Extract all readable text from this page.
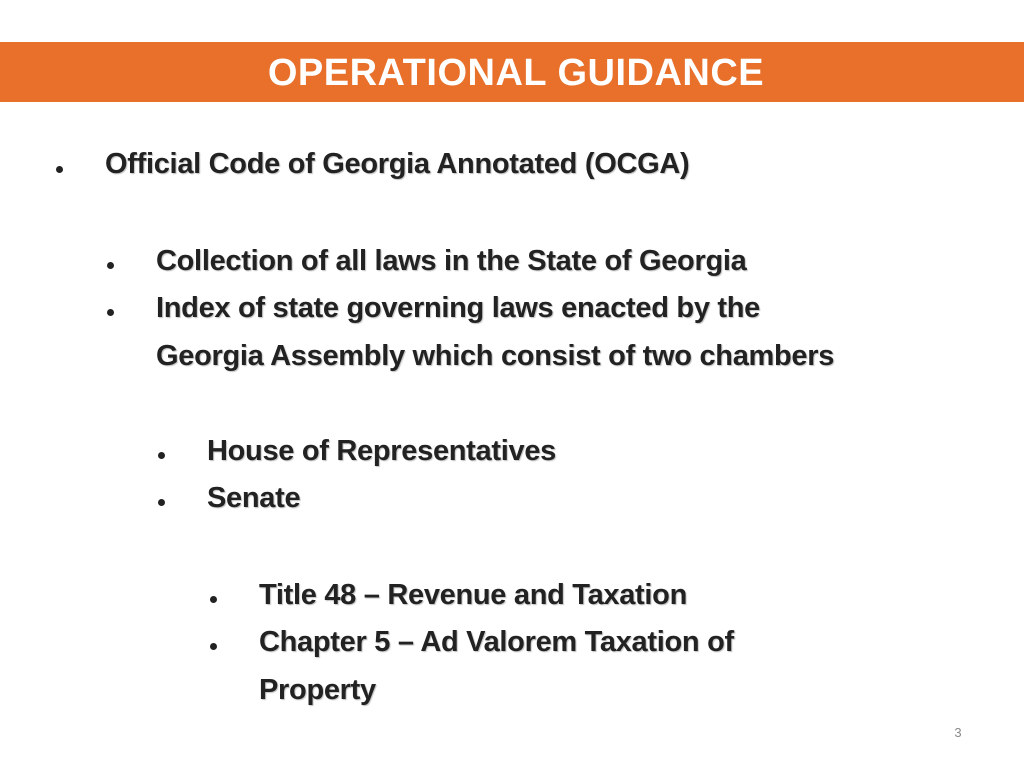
OPERATIONAL GUIDANCE
Official Code of Georgia Annotated (OCGA)
Collection of all laws in the State of Georgia
Index of state governing laws enacted by the
Georgia Assembly which consist of two chambers
House of Representatives
Senate
Title 48 – Revenue and Taxation
Chapter 5 – Ad Valorem Taxation of
Property
3
